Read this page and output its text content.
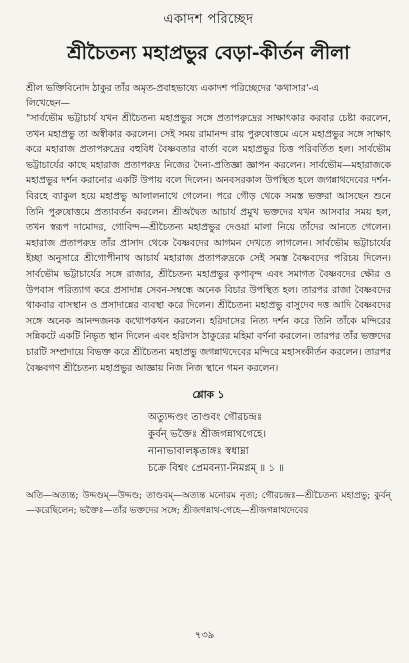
একাদশ পরিচ্ছেদ
শ্রীচৈতন্য মহাপ্রভুর বেড়া-কীর্তন লীলা

শ্রীল ভক্তিবিনোদ ঠাকুর তাঁর অমৃত-প্রবাহভাষ্যে একাদশ পরিচ্ছেদের 'কথাসার'-এ

লিখেছেন—

"সার্বভৌম ভট্টাচার্য যখন শ্রীচৈতন্য মহাপ্রভুর সঙ্গে প্রতাপরুদ্রের সাক্ষাৎকার করবার চেষ্টা করলেন, তখন মহাপ্রভু তা অস্বীকার করলেন। সেই সময় রামানন্দ রায় পুরুষোত্তমে এসে মহাপ্রভুর সঙ্গে সাক্ষাৎ করে মহারাজ প্রতাপরুদ্রের বহুবিধ বৈষ্ণবতার বার্তা বলে মহাপ্রভুর চিত্ত পরিবর্তিত হল। সার্বভৌম ভট্টাচার্যের কাছে মহারাজ প্রতাপরুদ্র নিজের দৈন্য-প্রতিজ্ঞা জ্ঞাপন করলেন। সার্বভৌম—মহারাজকে মহাপ্রভুর দর্শন করানোর একটি উপায় বলে দিলেন। অনবসরকাল উপস্থিত হলে জগন্নাথদেবের দর্শন-বিরহে ব্যাকুল হয়ে মহাপ্রভু আলালনাথে গেলেন। পরে গৌড় থেকে সমস্ত ভক্তরা আসছেন শুনে তিনি পুরুষোত্তমে প্রত্যাবর্তন করলেন। শ্রীঅদ্বৈত আচার্য প্রমুখ ভক্তদের যখন আসবার সময় হল, তখন স্বরূপ দামোদর, গোবিন্দ—শ্রীচৈতন্য মহাপ্রভুর দেওয়া মালা নিয়ে তাঁদের আনতে গেলেন। মহারাজ প্রতাপরুদ্র তাঁর প্রাসাদ থেকে বৈষ্ণবদের আগমন দেখতে লাগলেন। সার্বভৌম ভট্টাচার্যের ইচ্ছা অনুসারে শ্রীগোপীনাথ আচার্য মহারাজ প্রতাপরুদ্রকে সেই সমস্ত বৈষ্ণবদের পরিচয় দিলেন। সার্বভৌম ভট্টাচার্যের সঙ্গে রাজার, শ্রীচৈতন্য মহাপ্রভুর কৃপাবৃন্দ এবং সমাগত বৈষ্ণবদের ক্ষৌর ও উপবাস পরিত্যাগ করে প্রসাদান্ন সেবন-সম্বন্ধে অনেক বিচার উপস্থিত হল। তারপর রাজা বৈষ্ণবদের থাকবার বাসস্থান ও প্রসাদান্নের ব্যবস্থা করে দিলেন। শ্রীচৈতন্য মহাপ্রভু বাসুদেব দত্ত আদি বৈষ্ণবদের সঙ্গে অনেক আনন্দজনক কথোপকথন করলেন। হরিদাসের নিত্য দর্শন করে তিনি তাঁকে মন্দিরের সন্নিকটে একটি নিভৃত স্থান দিলেন এবং হরিদাস ঠাকুরের মহিমা বর্ণনা করলেন। তারপর তাঁর ভক্তদের চারটি সম্প্রদায়ে বিভক্ত করে শ্রীচৈতন্য মহাপ্রভু জগন্নাথদেবের মন্দিরে মহাসংকীর্তন করলেন। তারপর বৈষ্ণবগণ শ্রীচৈতন্য মহাপ্রভুর আজ্ঞায় নিজ নিজ স্থানে গমন করলেন।

শ্লোক ১
অত্যুদ্দণ্ডং তাণ্ডবং গৌরচন্দ্রঃ
কুর্বন্ ভক্তৈঃ শ্রীজগন্নাথগেহে।
নানাভাবালঙ্কৃতাঙ্গঃ স্বধাম্না
চক্রে বিশ্বং প্রেমবন্যা-নিমগ্নম্ ॥ ১ ॥

অতি—অত্যন্ত; উদ্দণ্ডম্—উদ্দণ্ড; তাণ্ডবম্—অত্যন্ত মনোরম নৃত্য; গৌরচন্দ্রঃ—শ্রীচৈতন্য মহাপ্রভু; কুর্বন্—করেছিলেন; ভক্তৈঃ—তাঁর ভক্তদের সঙ্গে; শ্রীজগন্নাথ-গেহে—শ্রীজগন্নাথদেবের

৭৩৯
